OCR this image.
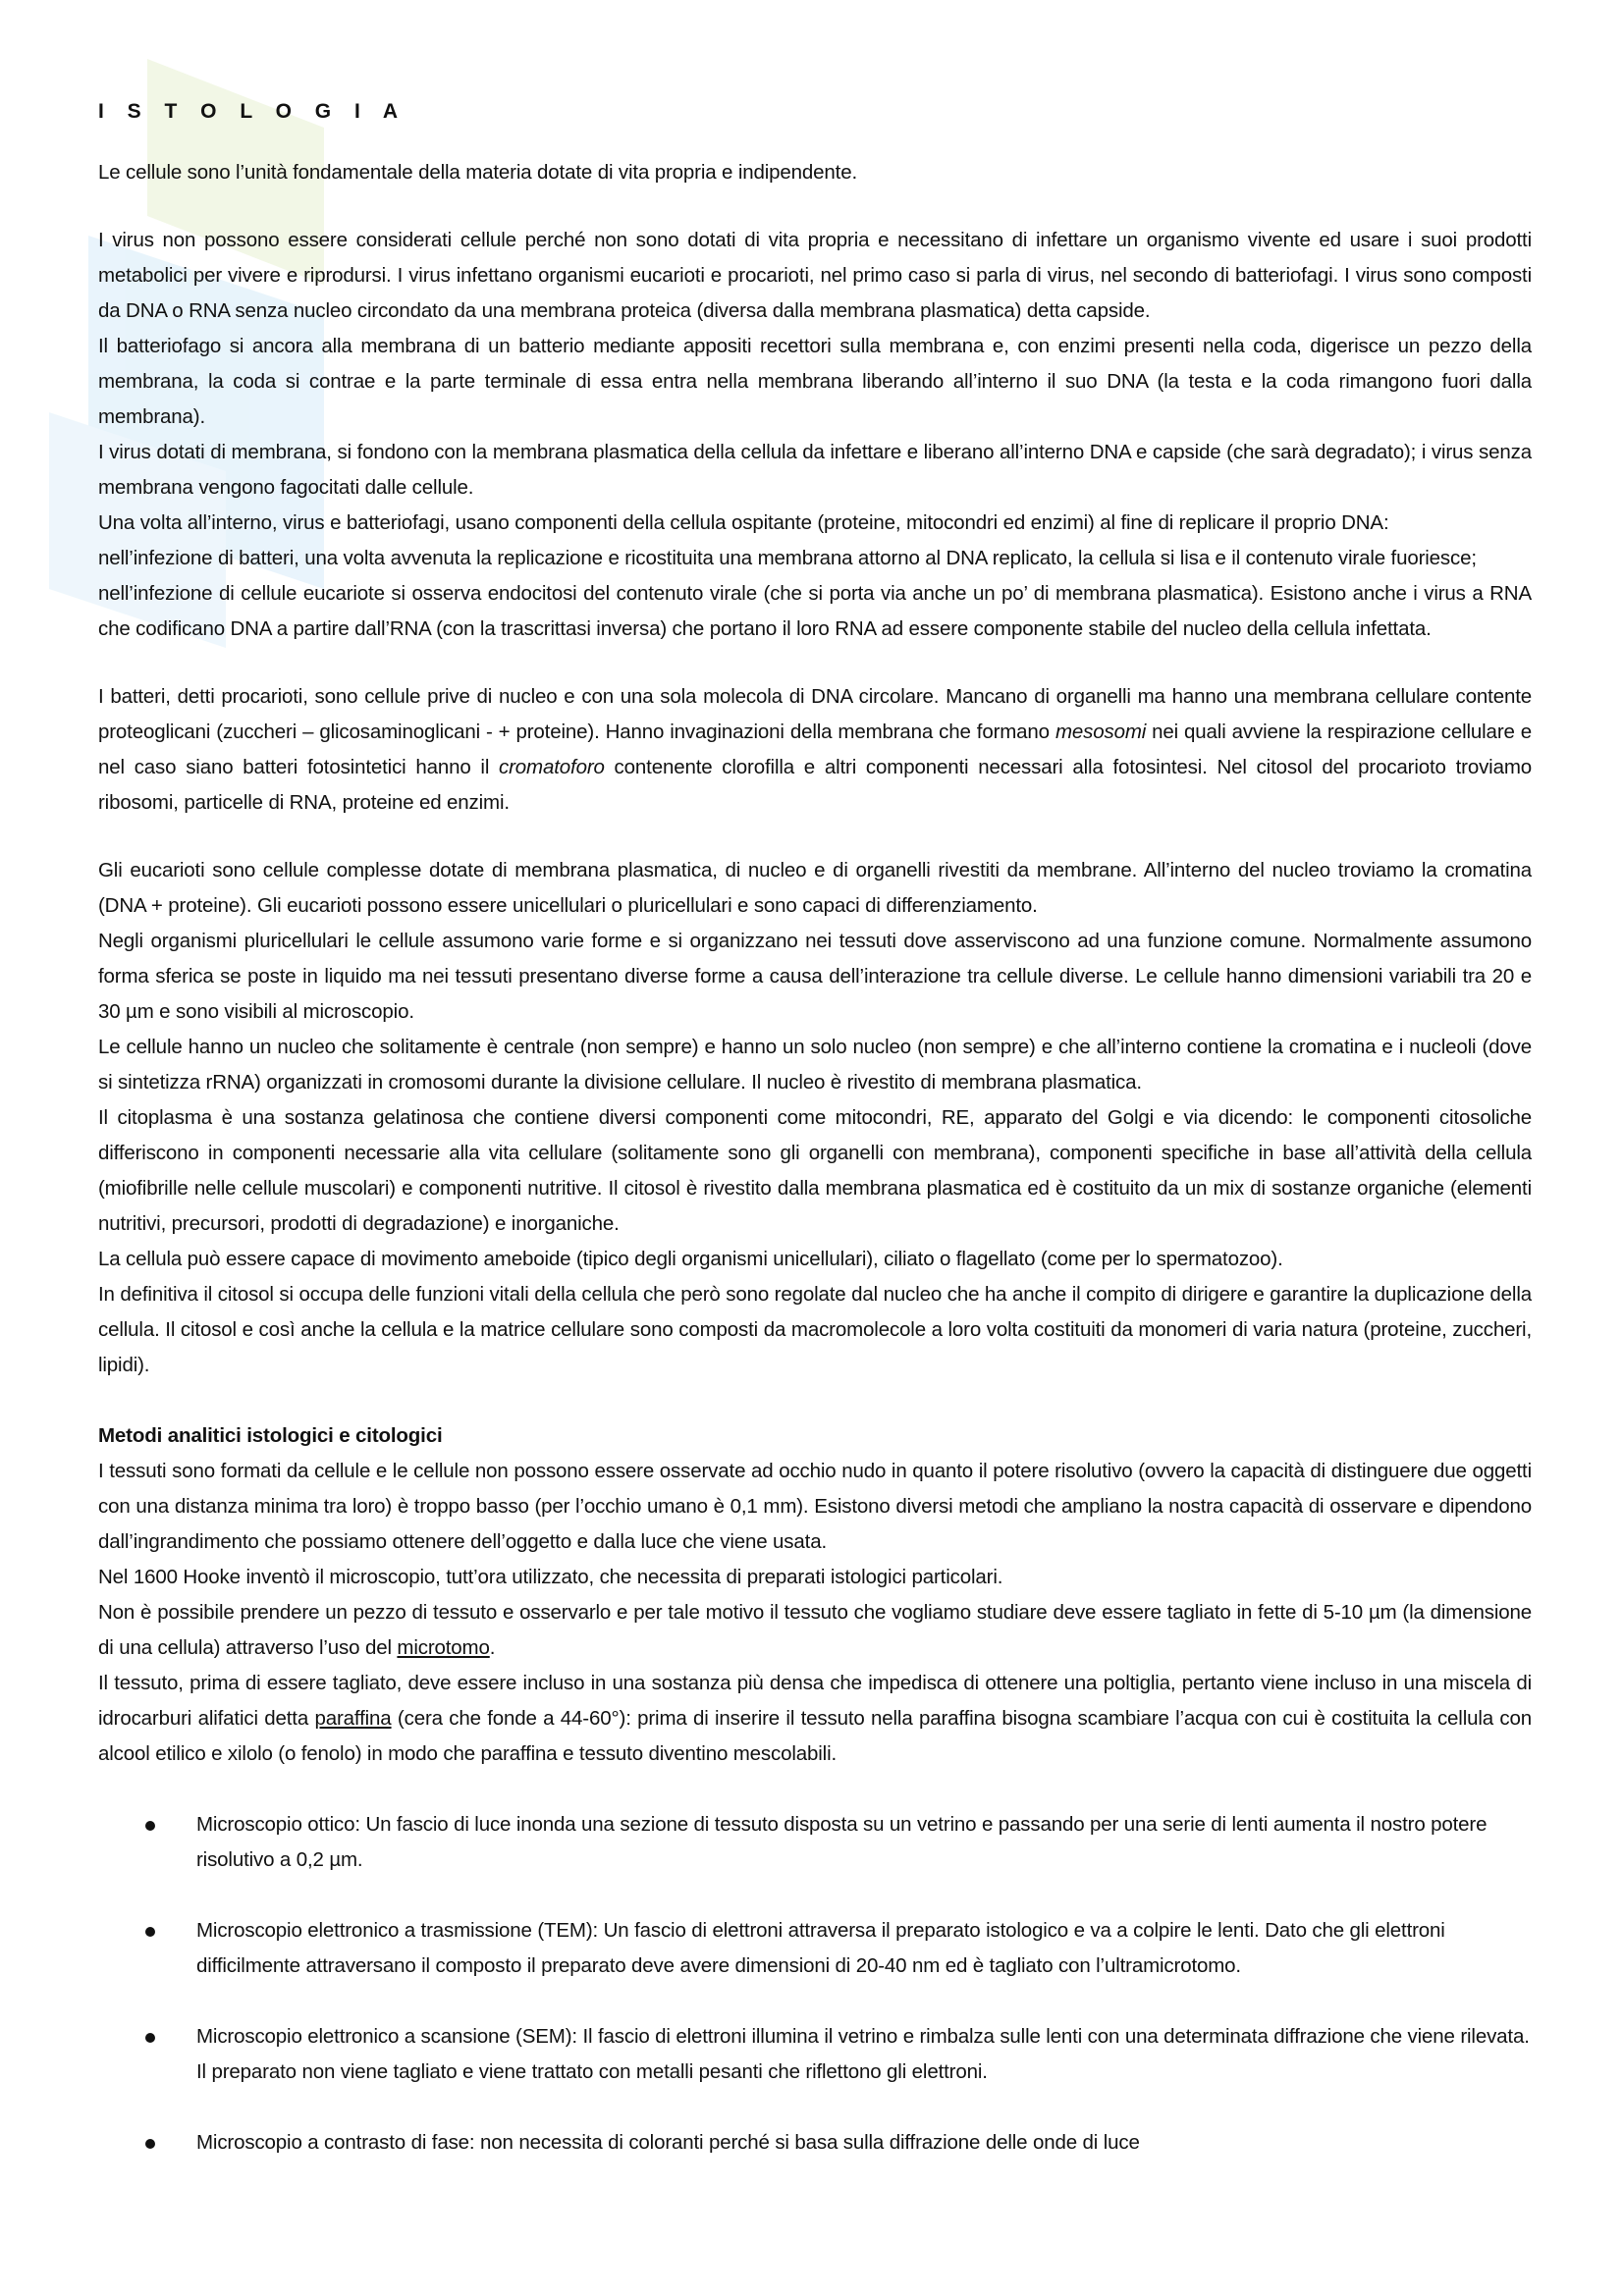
I S T O L O G I A

Le cellule sono l’unità fondamentale della materia dotate di vita propria e indipendente.

I virus non possono essere considerati cellule perché non sono dotati di vita propria e necessitano di infettare un organismo vivente ed usare i suoi prodotti metabolici per vivere e riprodursi. I virus infettano organismi eucarioti e procarioti, nel primo caso si parla di virus, nel secondo di batteriofagi. I virus sono composti da DNA o RNA senza nucleo circondato da una membrana proteica (diversa dalla membrana plasmatica) detta capside.

Il batteriofago si ancora alla membrana di un batterio mediante appositi recettori sulla membrana e, con enzimi presenti nella coda, digerisce un pezzo della membrana, la coda si contrae e la parte terminale di essa entra nella membrana liberando all’interno il suo DNA (la testa e la coda rimangono fuori dalla membrana).

I virus dotati di membrana, si fondono con la membrana plasmatica della cellula da infettare e liberano all’interno DNA e capside (che sarà degradato); i virus senza membrana vengono fagocitati dalle cellule.

Una volta all’interno, virus e batteriofagi, usano componenti della cellula ospitante (proteine, mitocondri ed enzimi) al fine di replicare il proprio DNA:

nell’infezione di batteri, una volta avvenuta la replicazione e ricostituita una membrana attorno al DNA replicato, la cellula si lisa e il contenuto virale fuoriesce;

nell’infezione di cellule eucariote si osserva endocitosi del contenuto virale (che si porta via anche un po’ di membrana plasmatica). Esistono anche i virus a RNA che codificano DNA a partire dall’RNA (con la trascrittasi inversa) che portano il loro RNA ad essere componente stabile del nucleo della cellula infettata.

I batteri, detti procarioti, sono cellule prive di nucleo e con una sola molecola di DNA circolare. Mancano di organelli ma hanno una membrana cellulare contente proteoglicani (zuccheri – glicosaminoglicani - + proteine). Hanno invaginazioni della membrana che formano mesosomi nei quali avviene la respirazione cellulare e nel caso siano batteri fotosintetici hanno il cromatoforo contenente clorofilla e altri componenti necessari alla fotosintesi. Nel citosol del procarioto troviamo ribosomi, particelle di RNA, proteine ed enzimi.

Gli eucarioti sono cellule complesse dotate di membrana plasmatica, di nucleo e di organelli rivestiti da membrane. All’interno del nucleo troviamo la cromatina (DNA + proteine). Gli eucarioti possono essere unicellulari o pluricellulari e sono capaci di differenziamento.

Negli organismi pluricellulari le cellule assumono varie forme e si organizzano nei tessuti dove asserviscono ad una funzione comune. Normalmente assumono forma sferica se poste in liquido ma nei tessuti presentano diverse forme a causa dell’interazione tra cellule diverse. Le cellule hanno dimensioni variabili tra 20 e 30 µm e sono visibili al microscopio.

Le cellule hanno un nucleo che solitamente è centrale (non sempre) e hanno un solo nucleo (non sempre) e che all’interno contiene la cromatina e i nucleoli (dove si sintetizza rRNA) organizzati in cromosomi durante la divisione cellulare. Il nucleo è rivestito di membrana plasmatica.

Il citoplasma è una sostanza gelatinosa che contiene diversi componenti come mitocondri, RE, apparato del Golgi e via dicendo: le componenti citosoliche differiscono in componenti necessarie alla vita cellulare (solitamente sono gli organelli con membrana), componenti specifiche in base all’attività della cellula (miofibrille nelle cellule muscolari) e componenti nutritive. Il citosol è rivestito dalla membrana plasmatica ed è costituito da un mix di sostanze organiche (elementi nutritivi, precursori, prodotti di degradazione) e inorganiche.

La cellula può essere capace di movimento ameboide (tipico degli organismi unicellulari), ciliato o flagellato (come per lo spermatozoo).

In definitiva il citosol si occupa delle funzioni vitali della cellula che però sono regolate dal nucleo che ha anche il compito di dirigere e garantire la duplicazione della cellula. Il citosol e così anche la cellula e la matrice cellulare sono composti da macromolecole a loro volta costituiti da monomeri di varia natura (proteine, zuccheri, lipidi).

Metodi analitici istologici e citologici

I tessuti sono formati da cellule e le cellule non possono essere osservate ad occhio nudo in quanto il potere risolutivo (ovvero la capacità di distinguere due oggetti con una distanza minima tra loro) è troppo basso (per l’occhio umano è 0,1 mm). Esistono diversi metodi che ampliano la nostra capacità di osservare e dipendono dall’ingrandimento che possiamo ottenere dell’oggetto e dalla luce che viene usata.

Nel 1600 Hooke inventò il microscopio, tutt’ora utilizzato, che necessita di preparati istologici particolari.

Non è possibile prendere un pezzo di tessuto e osservarlo e per tale motivo il tessuto che vogliamo studiare deve essere tagliato in fette di 5-10 µm (la dimensione di una cellula) attraverso l’uso del microtomo.

Il tessuto, prima di essere tagliato, deve essere incluso in una sostanza più densa che impedisca di ottenere una poltiglia, pertanto viene incluso in una miscela di idrocarburi alifatici detta paraffina (cera che fonde a 44-60°): prima di inserire il tessuto nella paraffina bisogna scambiare l’acqua con cui è costituita la cellula con alcool etilico e xilolo (o fenolo) in modo che paraffina e tessuto diventino mescolabili.

Microscopio ottico: Un fascio di luce inonda una sezione di tessuto disposta su un vetrino e passando per una serie di lenti aumenta il nostro potere risolutivo a 0,2 µm.
Microscopio elettronico a trasmissione (TEM): Un fascio di elettroni attraversa il preparato istologico e va a colpire le lenti. Dato che gli elettroni difficilmente attraversano il composto il preparato deve avere dimensioni di 20-40 nm ed è tagliato con l’ultramicrotomo.
Microscopio elettronico a scansione (SEM): Il fascio di elettroni illumina il vetrino e rimbalza sulle lenti con una determinata diffrazione che viene rilevata. Il preparato non viene tagliato e viene trattato con metalli pesanti che riflettono gli elettroni.
Microscopio a contrasto di fase: non necessita di coloranti perché si basa sulla diffrazione delle onde di luce
